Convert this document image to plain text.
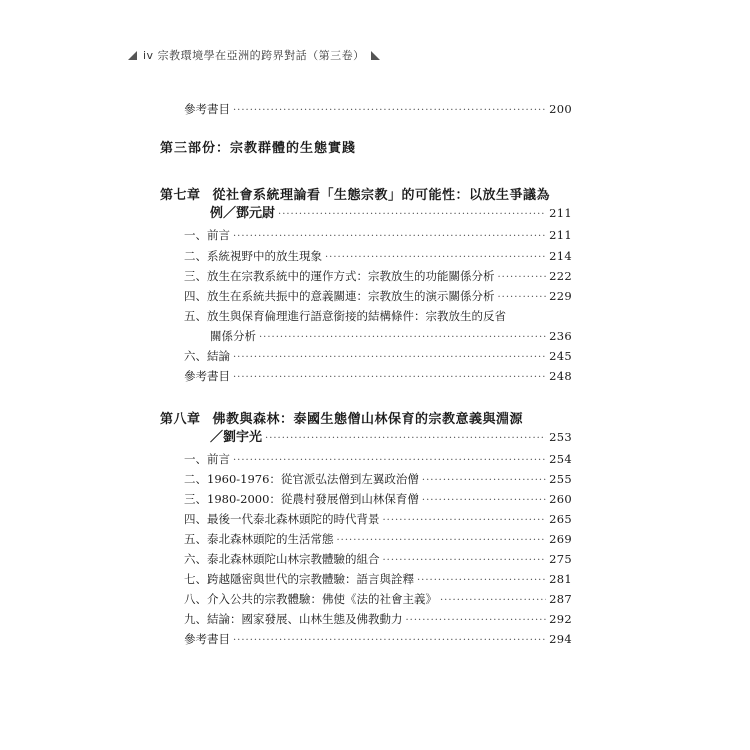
iv
宗教環境學在亞洲的跨界對話（第三卷）
參考書目 ·····	200
第三部份：宗教群體的生態實踐
第七章 從社會系統理論看「生態宗教」的可能性：以放生爭議為
例／鄧元尉 ·····	211
一、前言 ·····	211
二、系統視野中的放生現象 ·····	214
三、放生在宗教系統中的運作方式：宗教放生的功能關係分析 ·····	222
四、放生在系統共振中的意義關連：宗教放生的演示關係分析 ·····	229
五、放生與保育倫理進行語意銜接的結構條件：宗教放生的反省
關係分析 ·····	236
六、結論 ·····	245
參考書目 ·····	248
第八章 佛教與森林：泰國生態僧山林保育的宗教意義與淵源
／劉宇光 ·····	253
一、前言 ·····	254
二、1960-1976：從官派弘法僧到左翼政治僧 ·····	255
三、1980-2000：從農村發展僧到山林保育僧 ·····	260
四、最後一代泰北森林頭陀的時代背景 ·····	265
五、泰北森林頭陀的生活常態 ·····	269
六、泰北森林頭陀山林宗教體驗的組合 ·····	275
七、跨越隱密與世代的宗教體驗：語言與詮釋 ·····	281
八、介入公共的宗教體驗：佛使《法的社會主義》 ·····	287
九、結論：國家發展、山林生態及佛教動力 ·····	292
參考書目 ·····	294
